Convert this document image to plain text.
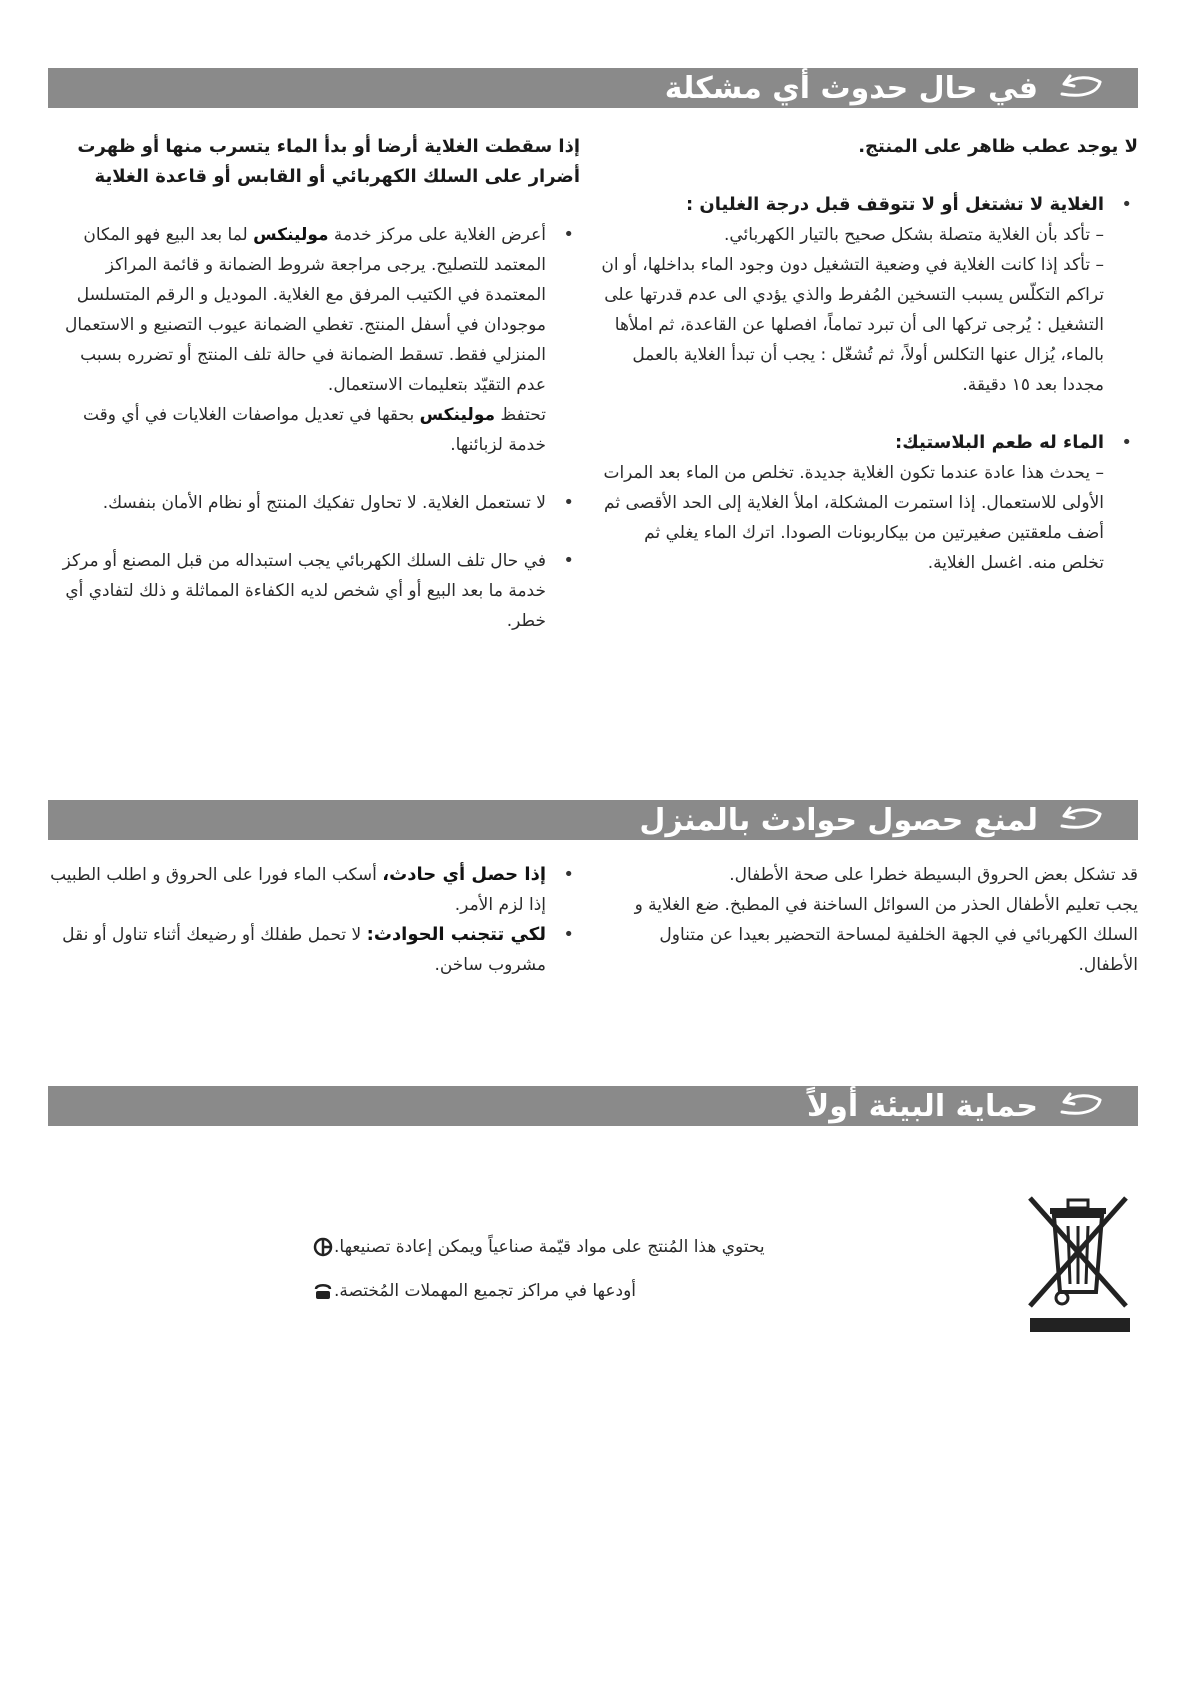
في حال حدوث أي مشكلة

لا يوجد عطب ظاهر على المنتج.

• الغلاية لا تشتغل أو لا تتوقف قبل درجة الغليان :

– تأكد بأن الغلاية متصلة بشكل صحيح بالتيار الكهربائي.

– تأكد إذا كانت الغلاية في وضعية التشغيل دون وجود الماء بداخلها، أو ان تراكم التكلّس يسبب التسخين المُفرط والذي يؤدي الى عدم قدرتها على التشغيل : يُرجى تركها الى أن تبرد تماماً، افصلها عن القاعدة، ثم املأها بالماء، يُزال عنها التكلس أولاً، ثم تُشغّل : يجب أن تبدأ الغلاية بالعمل مجددا بعد ١٥ دقيقة.

• الماء له طعم البلاستيك:

– يحدث هذا عادة عندما تكون الغلاية جديدة. تخلص من الماء بعد المرات الأولى للاستعمال. إذا استمرت المشكلة، املأ الغلاية إلى الحد الأقصى ثم أضف ملعقتين صغيرتين من بيكاربونات الصودا. اترك الماء يغلي ثم تخلص منه. اغسل الغلاية.

إذا سقطت الغلاية أرضا أو بدأ الماء يتسرب منها أو ظهرت أضرار على السلك الكهربائي أو القابس أو قاعدة الغلاية

• أعرض الغلاية على مركز خدمة مولينكس لما بعد البيع فهو المكان المعتمد للتصليح. يرجى مراجعة شروط الضمانة و قائمة المراكز المعتمدة في الكتيب المرفق مع الغلاية. الموديل و الرقم المتسلسل موجودان في أسفل المنتج. تغطي الضمانة عيوب التصنيع و الاستعمال المنزلي فقط. تسقط الضمانة في حالة تلف المنتج أو تضرره بسبب عدم التقيّد بتعليمات الاستعمال.

تحتفظ مولينكس بحقها في تعديل مواصفات الغلايات في أي وقت خدمة لزبائنها.

• لا تستعمل الغلاية. لا تحاول تفكيك المنتج أو نظام الأمان بنفسك.

• في حال تلف السلك الكهربائي يجب استبداله من قبل المصنع أو مركز خدمة ما بعد البيع أو أي شخص لديه الكفاءة المماثلة و ذلك لتفادي أي خطر.

لمنع حصول حوادث بالمنزل

قد تشكل بعض الحروق البسيطة خطرا على صحة الأطفال.

يجب تعليم الأطفال الحذر من السوائل الساخنة في المطبخ. ضع الغلاية و السلك الكهربائي في الجهة الخلفية لمساحة التحضير بعيدا عن متناول الأطفال.

• إذا حصل أي حادث، أسكب الماء فورا على الحروق و اطلب الطبيب إذا لزم الأمر.

• لكي تتجنب الحوادث: لا تحمل طفلك أو رضيعك أثناء تناول أو نقل مشروب ساخن.

حماية البيئة أولاً
يحتوي هذا المُنتج على مواد قيّمة صناعياً ويمكن إعادة تصنيعها.
أودعها في مراكز تجميع المهملات المُختصة.
